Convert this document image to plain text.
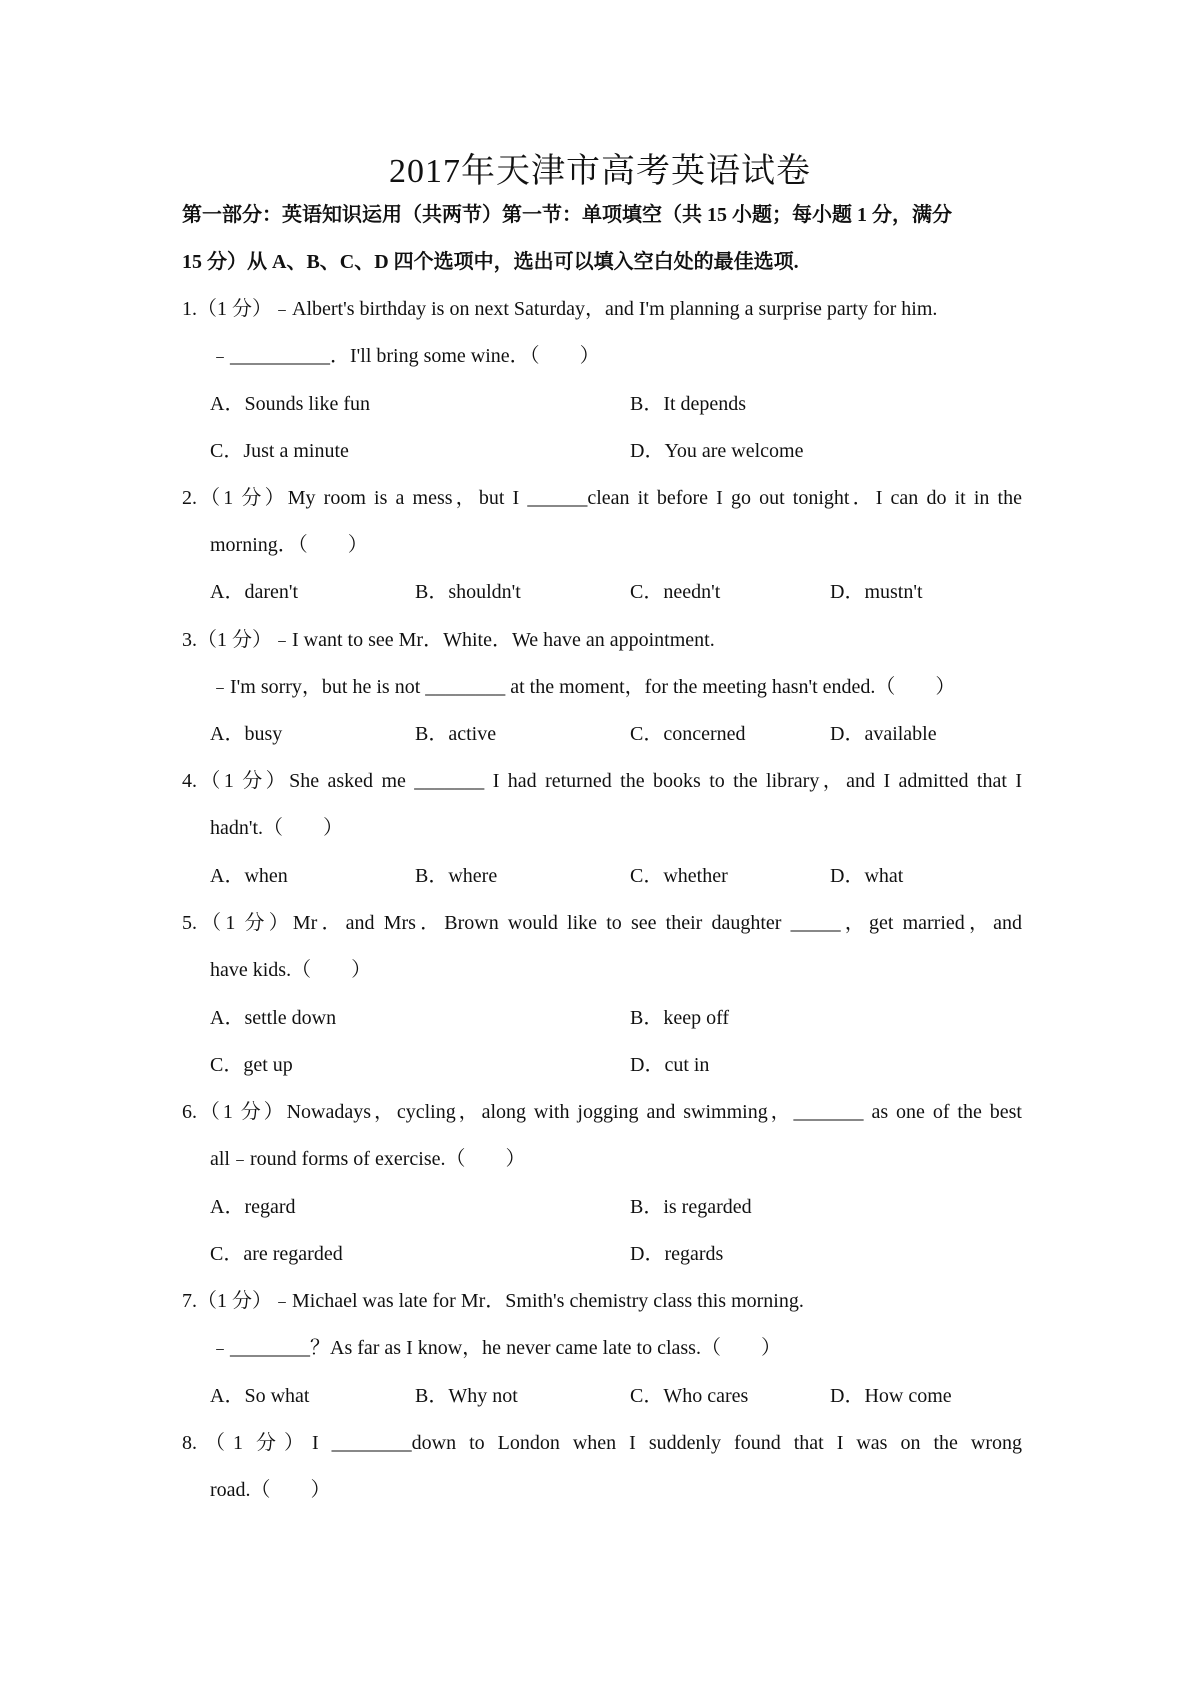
2017年天津市高考英语试卷
第一部分：英语知识运用（共两节）第一节：单项填空（共 15 小题；每小题 1 分，满分
15 分）从 A、B、C、D 四个选项中，选出可以填入空白处的最佳选项.
1.（1 分）﹣Albert's birthday is on next Saturday，and I'm planning a surprise party for him.
﹣__________．I'll bring some wine．（　　）
A．Sounds like fun	B．It depends
C．Just a minute	D．You are welcome
2.（1 分）My room is a mess，but I ______clean it before I go out tonight．I can do it in the
morning．（　　）
A．daren't	B．shouldn't	C．needn't	D．mustn't
3.（1 分）﹣I want to see Mr．White．We have an appointment.
﹣I'm sorry，but he is not ________ at the moment，for the meeting hasn't ended.（　　）
A．busy	B．active	C．concerned	D．available
4.（1 分）She asked me _______ I had returned the books to the library，and I admitted that I
hadn't.（　　）
A．when	B．where	C．whether	D．what
5.（1 分）Mr．and Mrs．Brown would like to see their daughter _____，get married，and
have kids.（　　）
A．settle down	B．keep off
C．get up	D．cut in
6.（1 分）Nowadays，cycling，along with jogging and swimming，_______ as one of the best
all﹣round forms of exercise.（　　）
A．regard	B．is regarded
C．are regarded	D．regards
7.（1 分）﹣Michael was late for Mr．Smith's chemistry class this morning.
﹣________？As far as I know，he never came late to class.（　　）
A．So what	B．Why not	C．Who cares	D．How come
8.（1 分）I ________down to London when I suddenly found that I was on the wrong
road.（　　）
